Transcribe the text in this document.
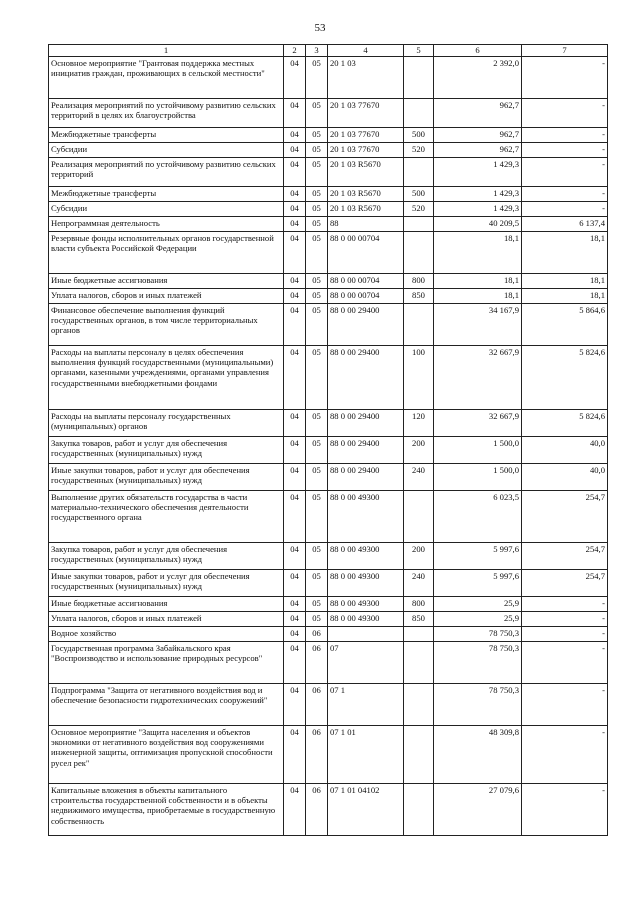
53
1	2	3	4	5	6	7
Основное мероприятие "Грантовая поддержка местных инициатив граждан, проживающих в сельской местности"	04	05	20 1 03		2 392,0	-
Реализация мероприятий по устойчивому развитию сельских территорий в целях их благоустройства	04	05	20 1 03 77670		962,7	-
Межбюджетные трансферты	04	05	20 1 03 77670	500	962,7	-
Субсидии	04	05	20 1 03 77670	520	962,7	-
Реализация мероприятий по устойчивому развитию сельских территорий	04	05	20 1 03 R5670		1 429,3	-
Межбюджетные трансферты	04	05	20 1 03 R5670	500	1 429,3	-
Субсидии	04	05	20 1 03 R5670	520	1 429,3	-
Непрограммная деятельность	04	05	88		40 209,5	6 137,4
Резервные фонды исполнительных органов государственной власти субъекта Российской Федерации	04	05	88 0 00 00704		18,1	18,1
Иные бюджетные ассигнования	04	05	88 0 00 00704	800	18,1	18,1
Уплата налогов, сборов и иных платежей	04	05	88 0 00 00704	850	18,1	18,1
Финансовое обеспечение выполнения функций государственных органов, в том числе территориальных органов	04	05	88 0 00 29400		34 167,9	5 864,6
Расходы на выплаты персоналу в целях обеспечения выполнения функций государственными (муниципальными) органами, казенными учреждениями, органами управления государственными внебюджетными фондами	04	05	88 0 00 29400	100	32 667,9	5 824,6
Расходы на выплаты персоналу государственных (муниципальных) органов	04	05	88 0 00 29400	120	32 667,9	5 824,6
Закупка товаров, работ и услуг для обеспечения государственных (муниципальных) нужд	04	05	88 0 00 29400	200	1 500,0	40,0
Иные закупки товаров, работ и услуг для обеспечения государственных (муниципальных) нужд	04	05	88 0 00 29400	240	1 500,0	40,0
Выполнение других обязательств государства в части материально-технического обеспечения деятельности государственного органа	04	05	88 0 00 49300		6 023,5	254,7
Закупка товаров, работ и услуг для обеспечения государственных (муниципальных) нужд	04	05	88 0 00 49300	200	5 997,6	254,7
Иные закупки товаров, работ и услуг для обеспечения государственных (муниципальных) нужд	04	05	88 0 00 49300	240	5 997,6	254,7
Иные бюджетные ассигнования	04	05	88 0 00 49300	800	25,9	-
Уплата налогов, сборов и иных платежей	04	05	88 0 00 49300	850	25,9	-
Водное хозяйство	04	06			78 750,3	-
Государственная программа Забайкальского края "Воспроизводство и использование природных ресурсов"	04	06	07		78 750,3	-
Подпрограмма "Защита от негативного воздействия вод и обеспечение безопасности гидротехнических сооружений"	04	06	07 1		78 750,3	-
Основное мероприятие "Защита населения и объектов экономики от негативного воздействия вод сооружениями инженерной защиты, оптимизация пропускной способности русел рек"	04	06	07 1 01		48 309,8	-
Капитальные вложения в объекты капитального строительства государственной собственности и в объекты недвижимого имущества, приобретаемые в государственную собственность	04	06	07 1 01 04102		27 079,6	-
